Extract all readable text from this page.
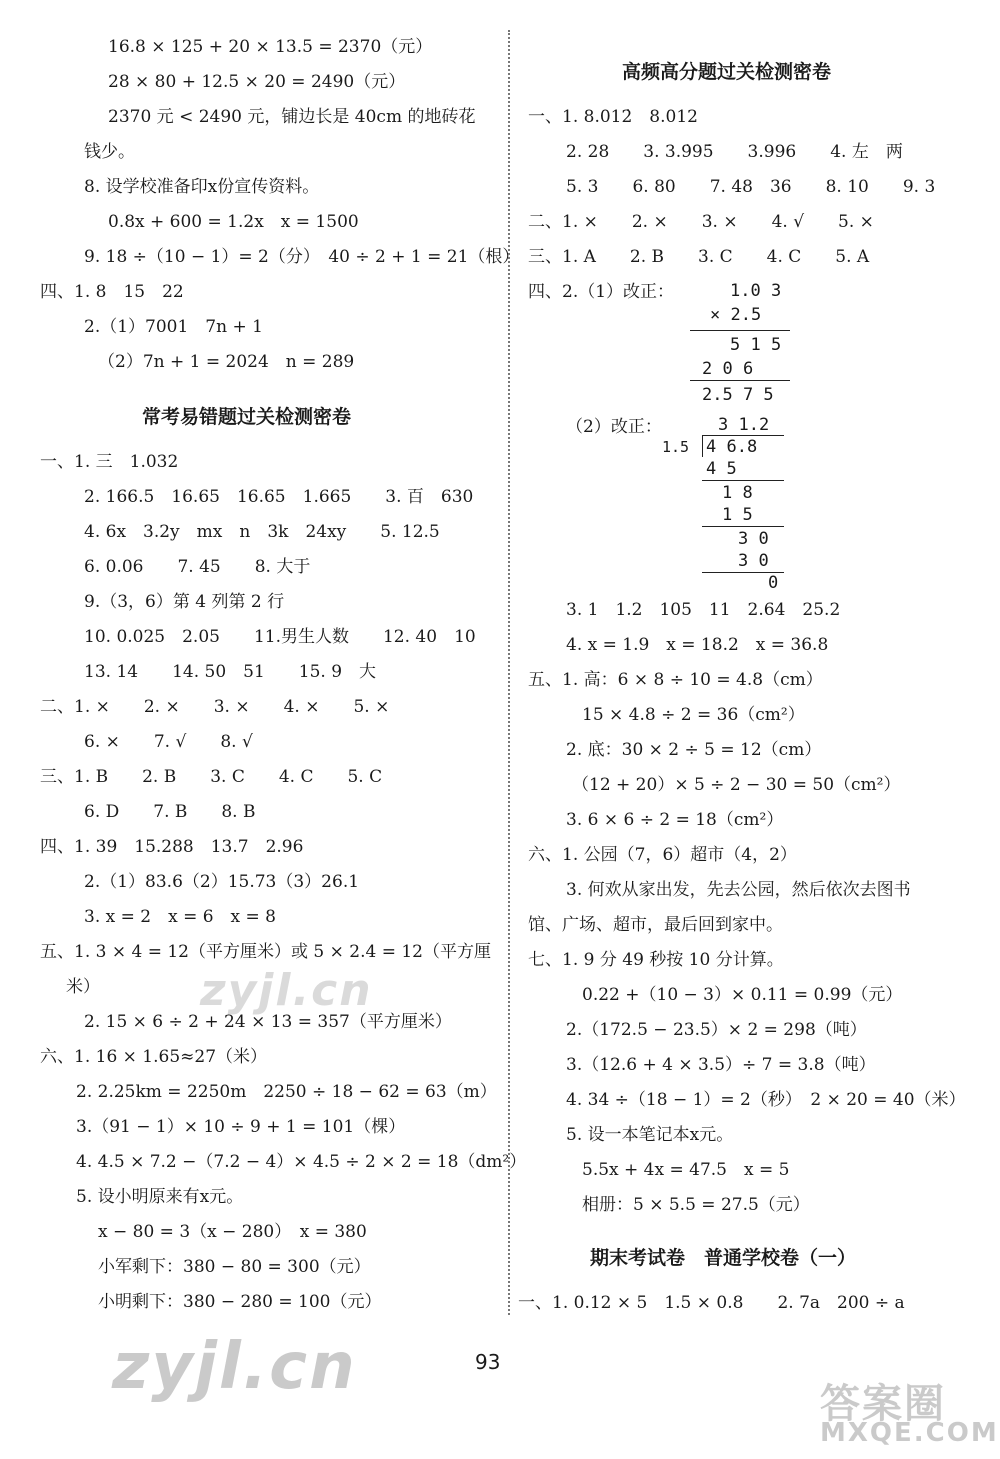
16.8 × 125 + 20 × 13.5 = 2370（元）
28 × 80 + 12.5 × 20 = 2490（元）
2370 元 < 2490 元，铺边长是 40cm 的地砖花
钱少。
8. 设学校准备印x份宣传资料。
0.8x + 600 = 1.2x　x = 1500
9. 18 ÷（10 − 1）= 2（分）　40 ÷ 2 + 1 = 21（根）
四、1. 8　15　22
2.（1）7001　7n + 1
（2）7n + 1 = 2024　n = 289
常考易错题过关检测密卷
一、1. 三　1.032
2. 166.5　16.65　16.65　1.665　　3. 百　630
4. 6x　3.2y　mx　n　3k　24xy　　5. 12.5
6. 0.06　　7. 45　　8. 大于
9.（3，6）第 4 列第 2 行
10. 0.025　2.05　　11.男生人数　　12. 40　10
13. 14　　14. 50　51　　15. 9　大
二、1. ×　　2. ×　　3. ×　　4. ×　　5. ×
6. ×　　7. √　　8. √
三、1. B　　2. B　　3. C　　4. C　　5. C
6. D　　7. B　　8. B
四、1. 39　15.288　13.7　2.96
2.（1）83.6（2）15.73（3）26.1
3. x = 2　x = 6　x = 8
五、1. 3 × 4 = 12（平方厘米）或 5 × 2.4 = 12（平方厘
米）
2. 15 × 6 ÷ 2 + 24 × 13 = 357（平方厘米）
六、1. 16 × 1.65≈27（米）
2. 2.25km = 2250m　2250 ÷ 18 − 62 = 63（m）
3.（91 − 1）× 10 ÷ 9 + 1 = 101（棵）
4. 4.5 × 7.2 −（7.2 − 4）× 4.5 ÷ 2 × 2 = 18（dm²）
5. 设小明原来有x元。
x − 80 = 3（x − 280）　x = 380
小军剩下：380 − 80 = 300（元）
小明剩下：380 − 280 = 100（元）
高频高分题过关检测密卷
一、1. 8.012̇　8.012
2. 28　　3. 3.9̇95̇　　3.996　　4. 左　两
5. 3　　6. 80　　7. 48　36　　8. 10　　9. 3
二、1. ×　　2. ×　　3. ×　　4. √　　5. ×
三、1. A　　2. B　　3. C　　4. C　　5. A
四、2.（1）改正：	1.0 3
× 2.5
5 1 5
2 0 6
2.5 7 5
（2）改正：	3 1.2
1.5 4 6.8
4 5
1 8
1 5
3 0
3 0
0
3. 1　1.2　105　11　2.64　25.2
4. x = 1.9　x = 18.2　x = 36.8
五、1. 高：6 × 8 ÷ 10 = 4.8（cm）
15 × 4.8 ÷ 2 = 36（cm²）
2. 底：30 × 2 ÷ 5 = 12（cm）
（12 + 20）× 5 ÷ 2 − 30 = 50（cm²）
3. 6 × 6 ÷ 2 = 18（cm²）
六、1. 公园（7，6）超市（4，2）
3. 何欢从家出发，先去公园，然后依次去图书
馆、广场、超市，最后回到家中。
七、1. 9 分 49 秒按 10 分计算。
0.22 +（10 − 3）× 0.11 = 0.99（元）
2.（172.5 − 23.5）× 2 = 298（吨）
3.（12.6 + 4 × 3.5）÷ 7 = 3.8（吨）
4. 34 ÷（18 − 1）= 2（秒）　2 × 20 = 40（米）
5. 设一本笔记本x元。
5.5x + 4x = 47.5　x = 5
相册：5 × 5.5 = 27.5（元）
期末考试卷　普通学校卷（一）
一、1. 0.12 × 5　1.5 × 0.8　　2. 7a　200 ÷ a
93
zyjl.cn
zyjl.cn	答案圈
MXQE.COM
